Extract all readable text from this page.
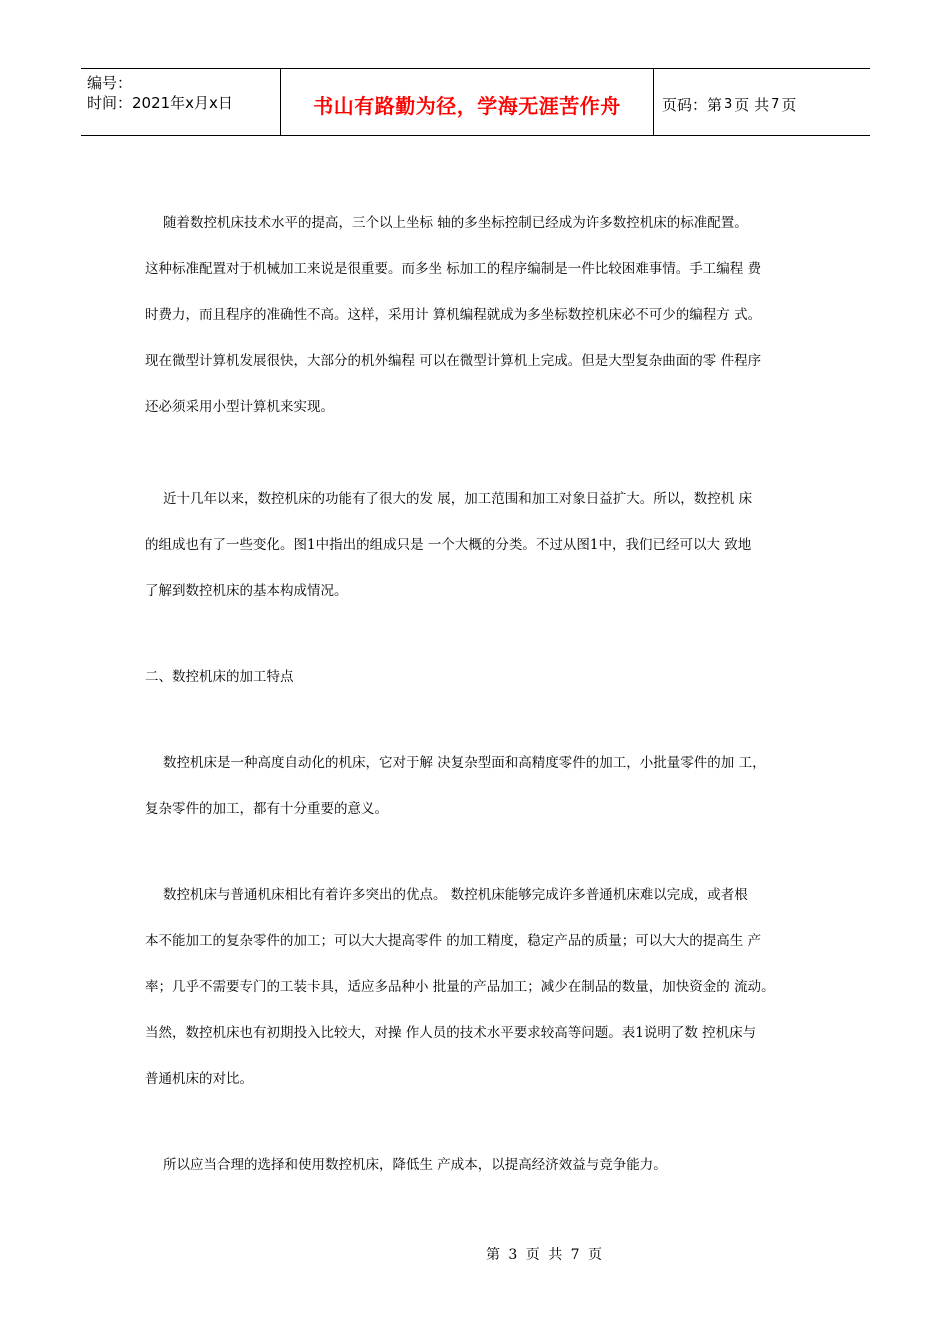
编号：
时间：2021年x月x日	书山有路勤为径，学海无涯苦作舟	页码：第 3 页 共 7 页

随着数控机床技术水平的提高，三个以上坐标 轴的多坐标控制已经成为许多数控机床的标准配置。

这种标准配置对于机械加工来说是很重要。而多坐 标加工的程序编制是一件比较困难事情。手工编程 费

时费力，而且程序的准确性不高。这样，采用计 算机编程就成为多坐标数控机床必不可少的编程方 式。

现在微型计算机发展很快，大部分的机外编程 可以在微型计算机上完成。但是大型复杂曲面的零 件程序

还必须采用小型计算机来实现。

近十几年以来，数控机床的功能有了很大的发 展，加工范围和加工对象日益扩大。所以，数控机 床

的组成也有了一些变化。图1中指出的组成只是 一个大概的分类。不过从图1中，我们已经可以大 致地

了解到数控机床的基本构成情况。

二、数控机床的加工特点

数控机床是一种高度自动化的机床，它对于解 决复杂型面和高精度零件的加工，小批量零件的加 工，

复杂零件的加工，都有十分重要的意义。

数控机床与普通机床相比有着许多突出的优点。 数控机床能够完成许多普通机床难以完成，或者根

本不能加工的复杂零件的加工；可以大大提高零件 的加工精度，稳定产品的质量；可以大大的提高生 产

率；几乎不需要专门的工装卡具，适应多品种小 批量的产品加工；减少在制品的数量，加快资金的 流动。

当然，数控机床也有初期投入比较大，对操 作人员的技术水平要求较高等问题。表1说明了数 控机床与

普通机床的对比。

所以应当合理的选择和使用数控机床，降低生 产成本，以提高经济效益与竞争能力。

第 3 页 共 7 页
